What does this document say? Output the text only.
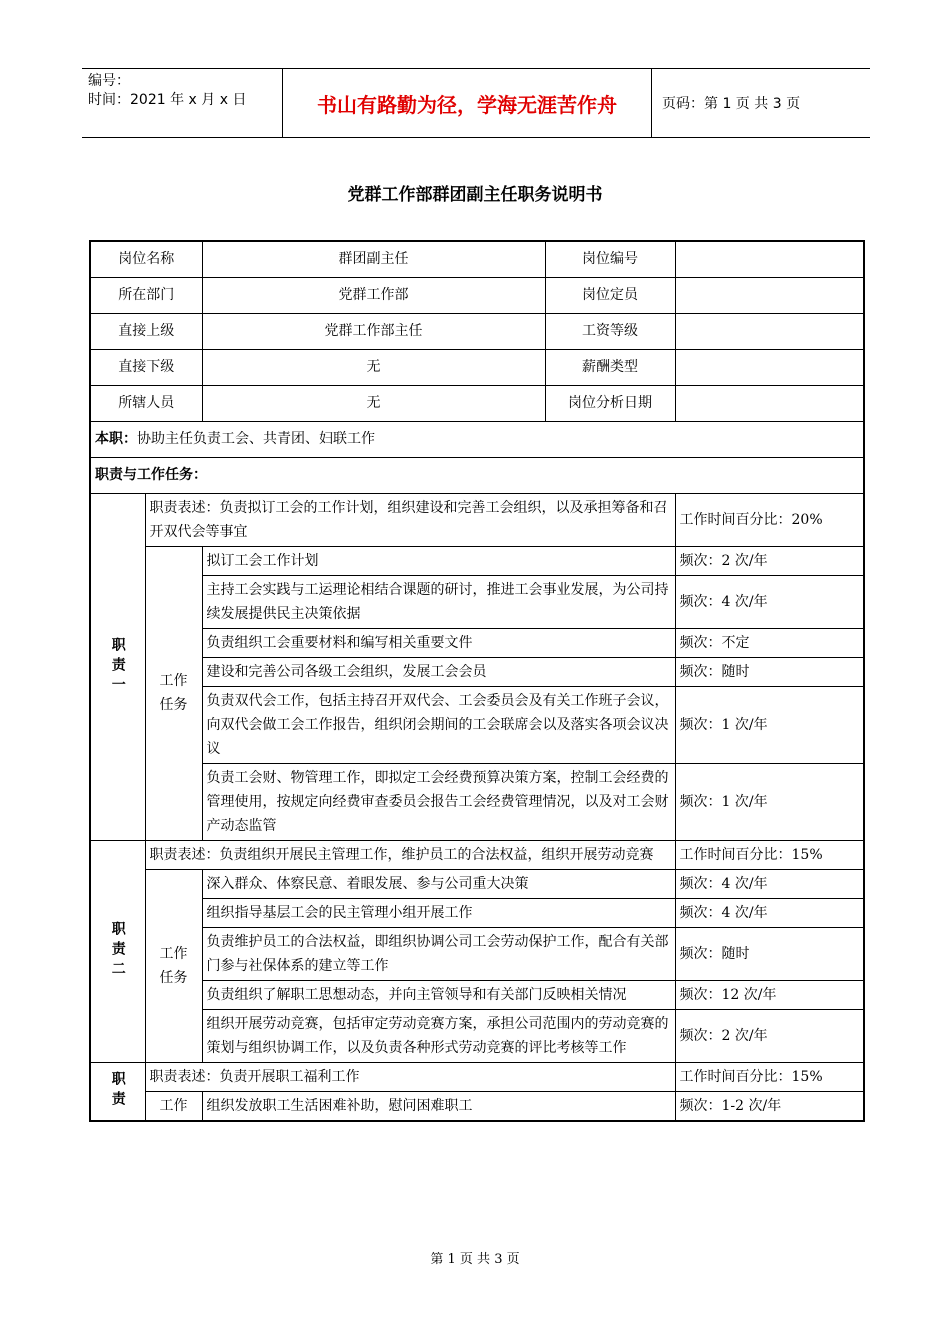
编号：
时间：2021 年 x 月 x 日	书山有路勤为径，学海无涯苦作舟	页码：第 1 页 共 3 页
党群工作部群团副主任职务说明书
岗位名称		群团副主任	岗位编号	
所在部门		党群工作部	岗位定员	
直接上级		党群工作部主任	工资等级	
直接下级		无	薪酬类型	
所辖人员		无	岗位分析日期	
本职：协助主任负责工会、共青团、妇联工作				
职责与工作任务：				
职责一	职责表述：负责拟订工会的工作计划，组织建设和完善工会组织，以及承担筹备和召开双代会等事宜			工作时间百分比：20%
	工作任务	拟订工会工作计划		频次：2 次/年
		主持工会实践与工运理论相结合课题的研讨，推进工会事业发展，为公司持续发展提供民主决策依据		频次：4 次/年
		负责组织工会重要材料和编写相关重要文件		频次：不定
		建设和完善公司各级工会组织，发展工会会员		频次：随时
		负责双代会工作，包括主持召开双代会、工会委员会及有关工作班子会议，向双代会做工会工作报告，组织闭会期间的工会联席会以及落实各项会议决议		频次：1 次/年
		负责工会财、物管理工作，即拟定工会经费预算决策方案，控制工会经费的管理使用，按规定向经费审查委员会报告工会经费管理情况，以及对工会财产动态监管		频次：1 次/年
职责二	职责表述：负责组织开展民主管理工作，维护员工的合法权益，组织开展劳动竞赛			工作时间百分比：15%
	工作任务	深入群众、体察民意、着眼发展、参与公司重大决策		频次：4 次/年
		组织指导基层工会的民主管理小组开展工作		频次：4 次/年
		负责维护员工的合法权益，即组织协调公司工会劳动保护工作，配合有关部门参与社保体系的建立等工作		频次：随时
		负责组织了解职工思想动态，并向主管领导和有关部门反映相关情况		频次：12 次/年
		组织开展劳动竞赛，包括审定劳动竞赛方案，承担公司范围内的劳动竞赛的策划与组织协调工作，以及负责各种形式劳动竞赛的评比考核等工作		频次：2 次/年
职责	职责表述：负责开展职工福利工作			工作时间百分比：15%
	工作	组织发放职工生活困难补助，慰问困难职工		频次：1-2 次/年
第 1 页 共 3 页
